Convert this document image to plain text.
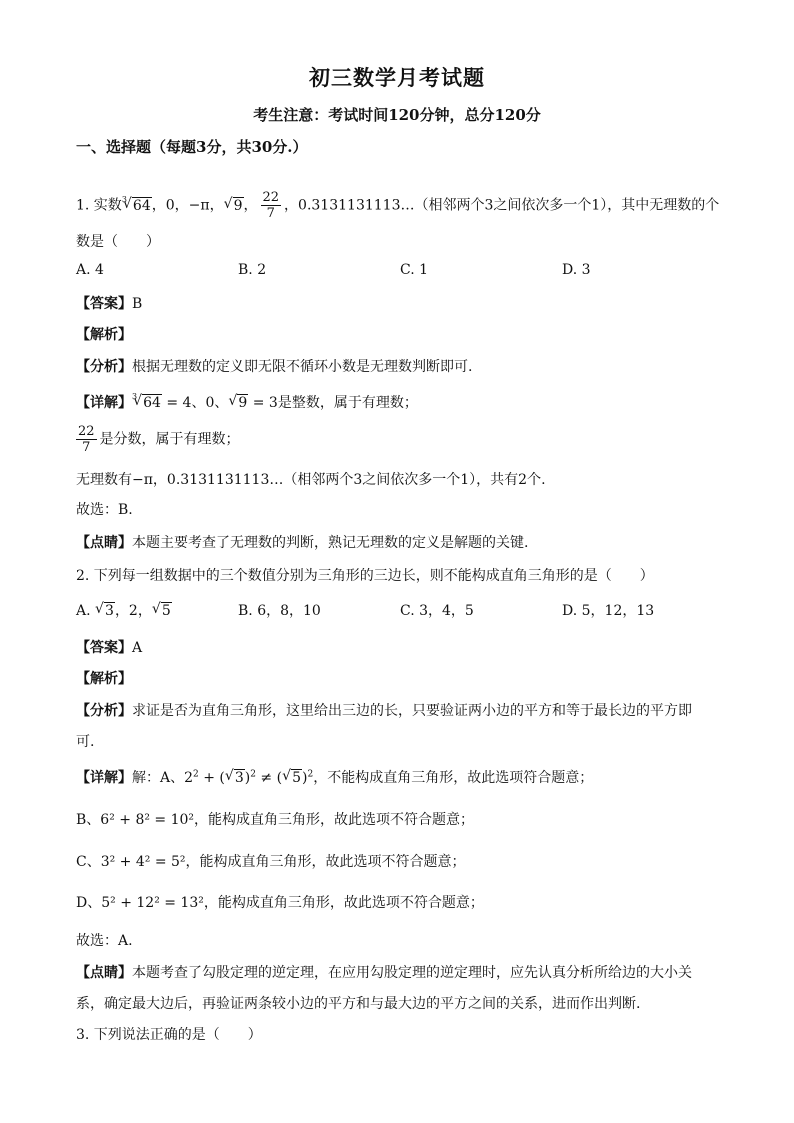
初三数学月考试题
考生注意：考试时间120分钟，总分120分
一、选择题（每题3分，共30分.）
1. 实数$^3$ √ 64，0，−π， √ 9， $\frac{22}{7}$ ，0.3131131113…（相邻两个3之间依次多一个1），其中无理数的个
数是（　　）
A. 4	B. 2	C. 1	D. 3
【答案】B
【解析】
【分析】根据无理数的定义即无限不循环小数是无理数判断即可.
【详解】$^3$ √ 64 = 4、0、 √ 9 = 3是整数，属于有理数；
$\frac{22}{7}$ 是分数，属于有理数；
无理数有−π，0.3131131113…（相邻两个3之间依次多一个1），共有2个.
故选：B.
【点睛】本题主要考查了无理数的判断，熟记无理数的定义是解题的关键.
2. 下列每一组数据中的三个数值分别为三角形的三边长，则不能构成直角三角形的是（　　）
A. √ 3，2， √ 5	B. 6，8，10	C. 3，4，5	D. 5，12，13
【答案】A
【解析】
【分析】求证是否为直角三角形，这里给出三边的长，只要验证两小边的平方和等于最长边的平方即
可.
【详解】解：A、$2^2$ + ( √ 3)$^2$ ≠ ( √ 5)$^2$，不能构成直角三角形，故此选项符合题意；
B、6² + 8² = 10²，能构成直角三角形，故此选项不符合题意；
C、3² + 4² = 5²，能构成直角三角形，故此选项不符合题意；
D、5² + 12² = 13²，能构成直角三角形，故此选项不符合题意；
故选：A.
【点睛】本题考查了勾股定理的逆定理，在应用勾股定理的逆定理时，应先认真分析所给边的大小关
系，确定最大边后，再验证两条较小边的平方和与最大边的平方之间的关系，进而作出判断.
3. 下列说法正确的是（　　）
